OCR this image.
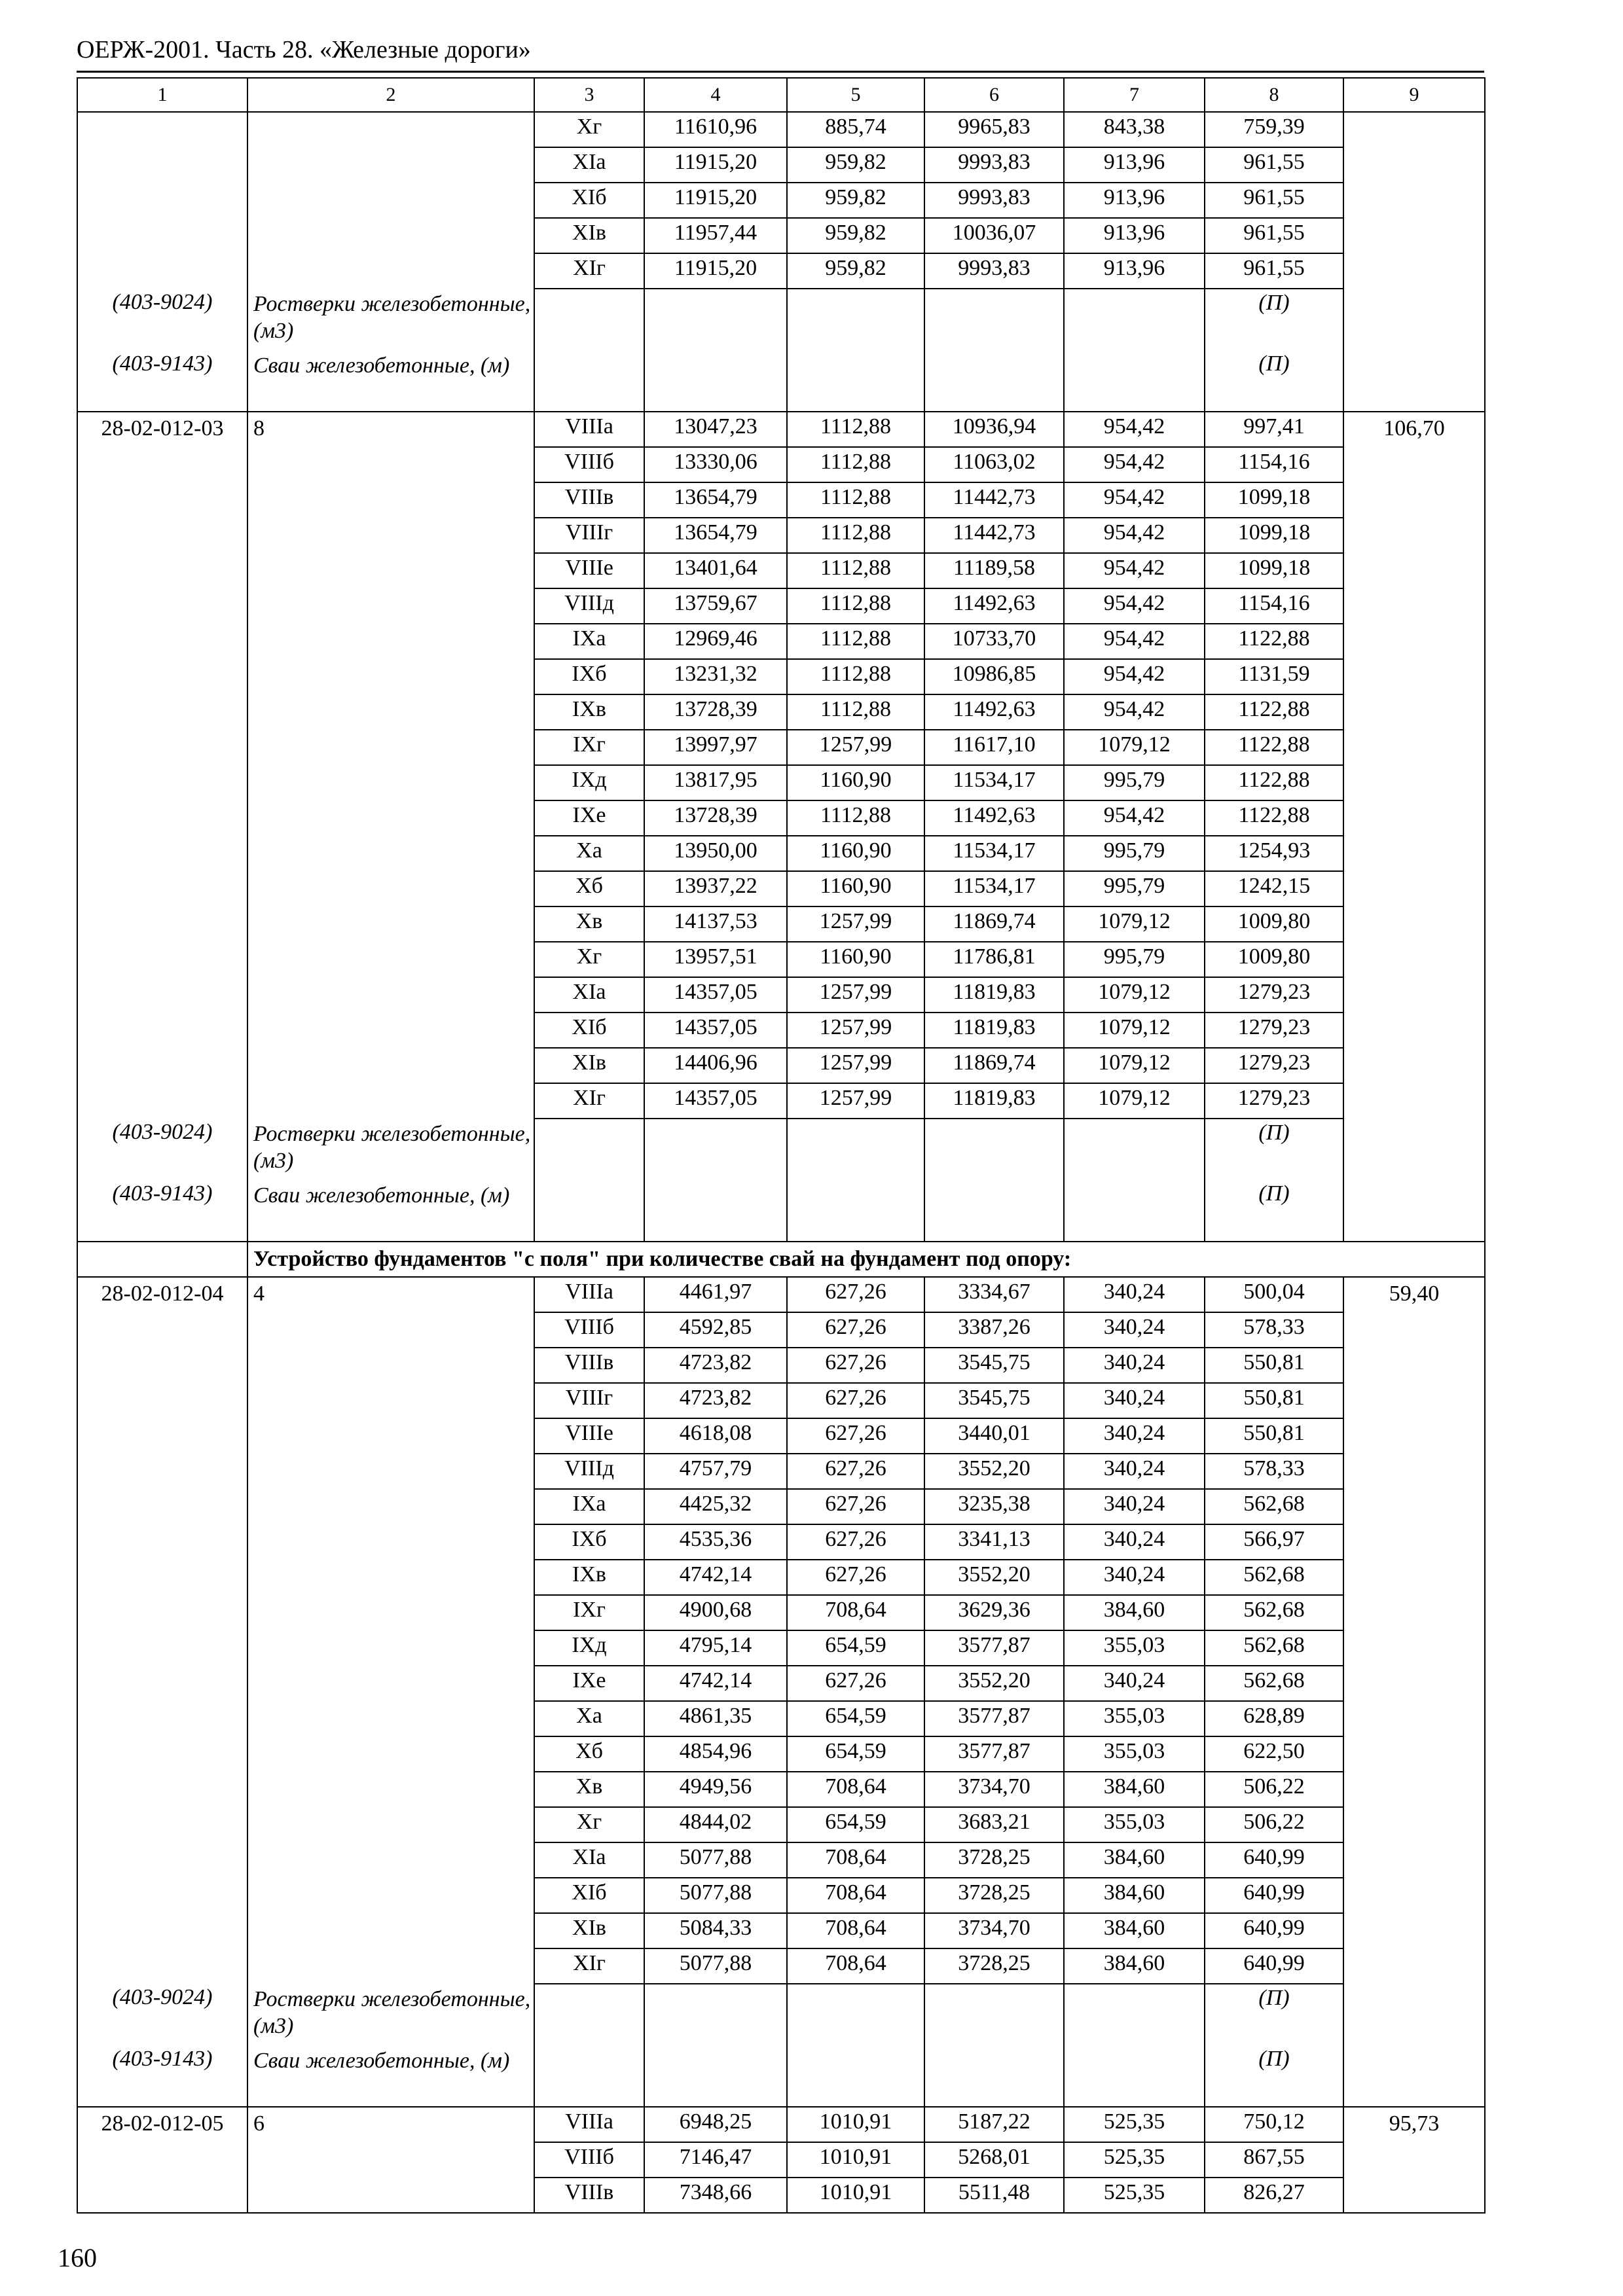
ОЕРЖ-2001. Часть 28. «Железные дороги»
1	2	3	4	5	6	7	8	9
		Xг	11610,96	885,74	9965,83	843,38	759,39	
		XIа	11915,20	959,82	9993,83	913,96	961,55	
		XIб	11915,20	959,82	9993,83	913,96	961,55	
		XIв	11957,44	959,82	10036,07	913,96	961,55	
		XIг	11915,20	959,82	9993,83	913,96	961,55	
(403-9024)	Ростверки железобетонные, (м3)						(П)	
(403-9143)	Сваи железобетонные, (м)						(П)	
28-02-012-03	8	VIIIа	13047,23	1112,88	10936,94	954,42	997,41	106,70
		VIIIб	13330,06	1112,88	11063,02	954,42	1154,16	
		VIIIв	13654,79	1112,88	11442,73	954,42	1099,18	
		VIIIг	13654,79	1112,88	11442,73	954,42	1099,18	
		VIIIе	13401,64	1112,88	11189,58	954,42	1099,18	
		VIIIд	13759,67	1112,88	11492,63	954,42	1154,16	
		IXа	12969,46	1112,88	10733,70	954,42	1122,88	
		IXб	13231,32	1112,88	10986,85	954,42	1131,59	
		IXв	13728,39	1112,88	11492,63	954,42	1122,88	
		IXг	13997,97	1257,99	11617,10	1079,12	1122,88	
		IXд	13817,95	1160,90	11534,17	995,79	1122,88	
		IXе	13728,39	1112,88	11492,63	954,42	1122,88	
		Xа	13950,00	1160,90	11534,17	995,79	1254,93	
		Xб	13937,22	1160,90	11534,17	995,79	1242,15	
		Xв	14137,53	1257,99	11869,74	1079,12	1009,80	
		Xг	13957,51	1160,90	11786,81	995,79	1009,80	
		XIа	14357,05	1257,99	11819,83	1079,12	1279,23	
		XIб	14357,05	1257,99	11819,83	1079,12	1279,23	
		XIв	14406,96	1257,99	11869,74	1079,12	1279,23	
		XIг	14357,05	1257,99	11819,83	1079,12	1279,23	
(403-9024)	Ростверки железобетонные, (м3)						(П)	
(403-9143)	Сваи железобетонные, (м)						(П)	
	Устройство фундаментов "с поля" при количестве свай на фундамент под опору:							
28-02-012-04	4	VIIIа	4461,97	627,26	3334,67	340,24	500,04	59,40
		VIIIб	4592,85	627,26	3387,26	340,24	578,33	
		VIIIв	4723,82	627,26	3545,75	340,24	550,81	
		VIIIг	4723,82	627,26	3545,75	340,24	550,81	
		VIIIе	4618,08	627,26	3440,01	340,24	550,81	
		VIIIд	4757,79	627,26	3552,20	340,24	578,33	
		IXа	4425,32	627,26	3235,38	340,24	562,68	
		IXб	4535,36	627,26	3341,13	340,24	566,97	
		IXв	4742,14	627,26	3552,20	340,24	562,68	
		IXг	4900,68	708,64	3629,36	384,60	562,68	
		IXд	4795,14	654,59	3577,87	355,03	562,68	
		IXе	4742,14	627,26	3552,20	340,24	562,68	
		Xа	4861,35	654,59	3577,87	355,03	628,89	
		Xб	4854,96	654,59	3577,87	355,03	622,50	
		Xв	4949,56	708,64	3734,70	384,60	506,22	
		Xг	4844,02	654,59	3683,21	355,03	506,22	
		XIа	5077,88	708,64	3728,25	384,60	640,99	
		XIб	5077,88	708,64	3728,25	384,60	640,99	
		XIв	5084,33	708,64	3734,70	384,60	640,99	
		XIг	5077,88	708,64	3728,25	384,60	640,99	
(403-9024)	Ростверки железобетонные, (м3)						(П)	
(403-9143)	Сваи железобетонные, (м)						(П)	
28-02-012-05	6	VIIIа	6948,25	1010,91	5187,22	525,35	750,12	95,73
		VIIIб	7146,47	1010,91	5268,01	525,35	867,55	
		VIIIв	7348,66	1010,91	5511,48	525,35	826,27	
160
